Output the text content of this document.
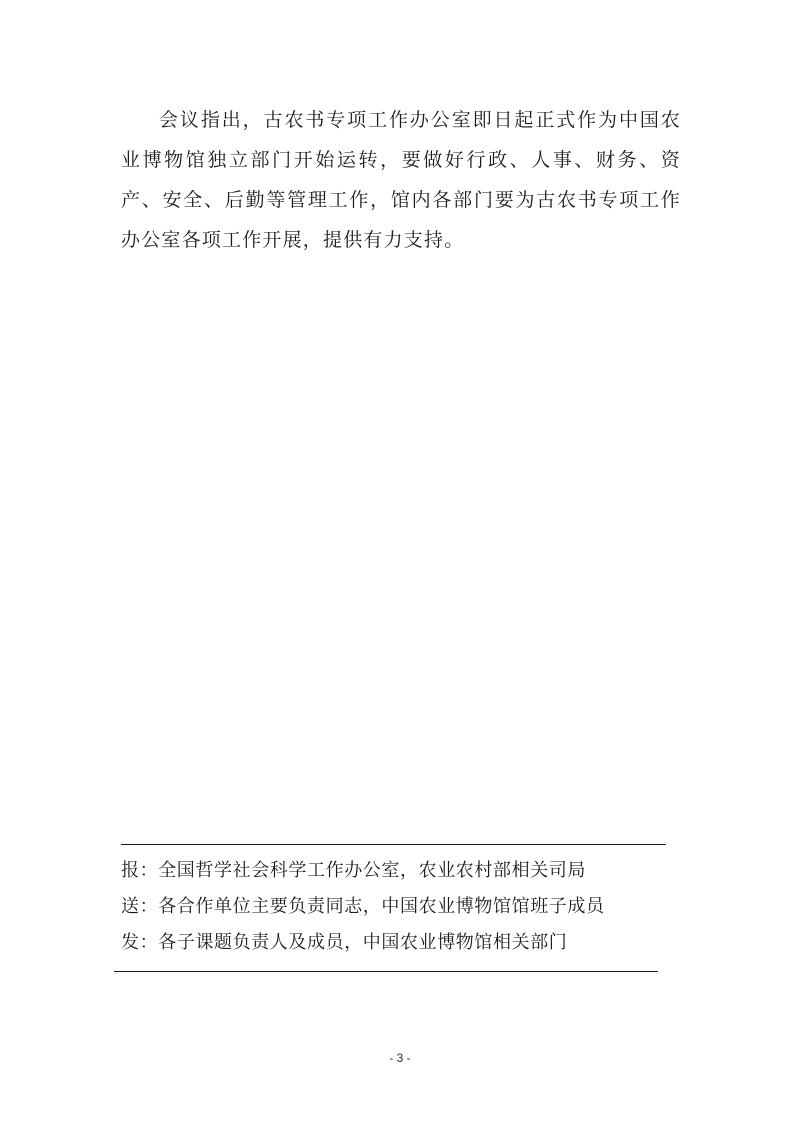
会议指出，古农书专项工作办公室即日起正式作为中国农业博物馆独立部门开始运转，要做好行政、人事、财务、资产、安全、后勤等管理工作，馆内各部门要为古农书专项工作办公室各项工作开展，提供有力支持。

报：全国哲学社会科学工作办公室，农业农村部相关司局
送：各合作单位主要负责同志，中国农业博物馆馆班子成员
发：各子课题负责人及成员，中国农业博物馆相关部门
- 3 -
